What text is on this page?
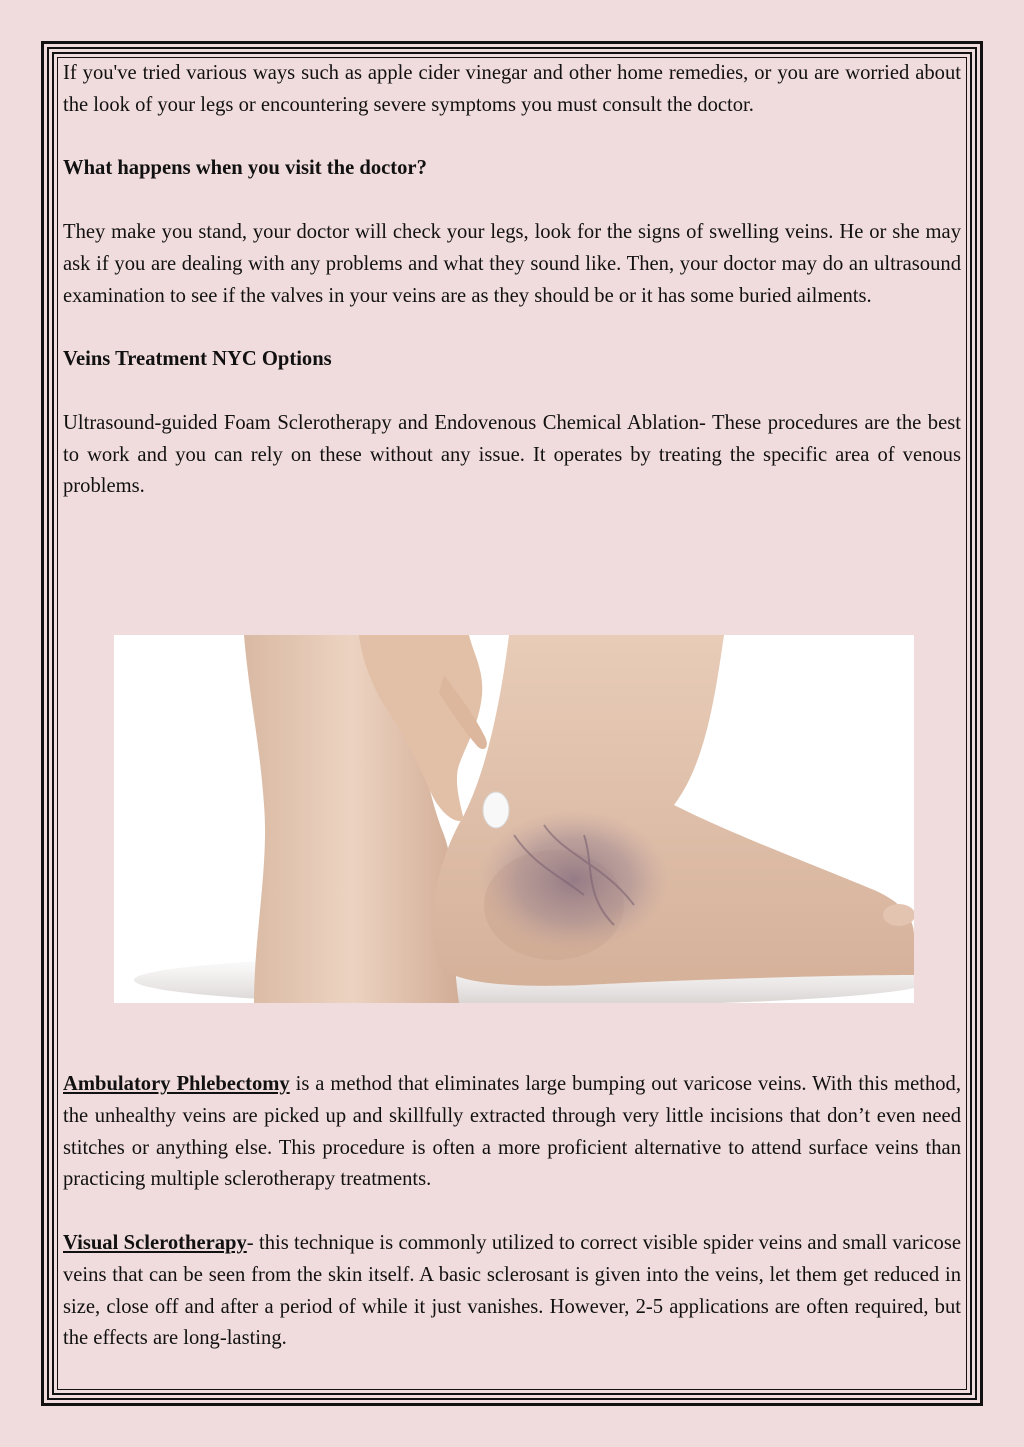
If you've tried various ways such as apple cider vinegar and other home remedies, or you are worried about the look of your legs or encountering severe symptoms you must consult the doctor.

What happens when you visit the doctor?

They make you stand, your doctor will check your legs, look for the signs of swelling veins. He or she may ask if you are dealing with any problems and what they sound like. Then, your doctor may do an ultrasound examination to see if the valves in your veins are as they should be or it has some buried ailments.

Veins Treatment NYC Options

Ultrasound-guided Foam Sclerotherapy and Endovenous Chemical Ablation- These procedures are the best to work and you can rely on these without any issue. It operates by treating the specific area of venous problems.

Ambulatory Phlebectomy is a method that eliminates large bumping out varicose veins. With this method, the unhealthy veins are picked up and skillfully extracted through very little incisions that don’t even need stitches or anything else. This procedure is often a more proficient alternative to attend surface veins than practicing multiple sclerotherapy treatments.

Visual Sclerotherapy- this technique is commonly utilized to correct visible spider veins and small varicose veins that can be seen from the skin itself. A basic sclerosant is given into the veins, let them get reduced in size, close off and after a period of while it just vanishes. However, 2-5 applications are often required, but the effects are long-lasting.
